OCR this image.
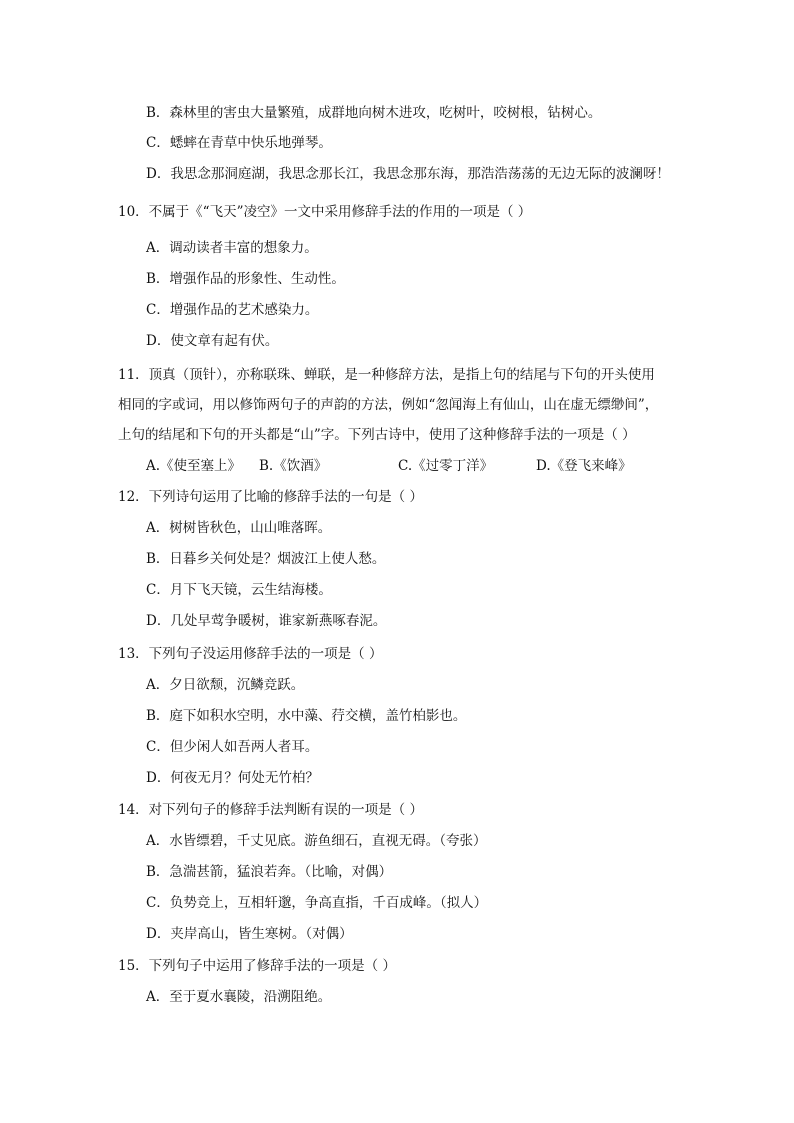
B．森林里的害虫大量繁殖，成群地向树木进攻，吃树叶，咬树根，钻树心。
C．蟋蟀在青草中快乐地弹琴。
D．我思念那洞庭湖，我思念那长江，我思念那东海，那浩浩荡荡的无边无际的波澜呀！
10．不属于《“飞天”凌空》一文中采用修辞手法的作用的一项是（ ）
A．调动读者丰富的想象力。
B．增强作品的形象性、生动性。
C．增强作品的艺术感染力。
D．使文章有起有伏。
11．顶真（顶针），亦称联珠、蝉联，是一种修辞方法，是指上句的结尾与下句的开头使用
相同的字或词，用以修饰两句子的声韵的方法，例如“忽闻海上有仙山，山在虚无缥缈间”，
上句的结尾和下句的开头都是“山”字。下列古诗中，使用了这种修辞手法的一项是（ ）
A.《使至塞上》 B.《饮酒》	C.《过零丁洋》	D.《登飞来峰》
12．下列诗句运用了比喻的修辞手法的一句是（ ）
A．树树皆秋色，山山唯落晖。
B．日暮乡关何处是？烟波江上使人愁。
C．月下飞天镜，云生结海楼。
D．几处早莺争暖树，谁家新燕啄春泥。
13．下列句子没运用修辞手法的一项是（ ）
A．夕日欲颓，沉鳞竞跃。
B．庭下如积水空明，水中藻、荇交横，盖竹柏影也。
C．但少闲人如吾两人者耳。
D．何夜无月？何处无竹柏？
14．对下列句子的修辞手法判断有误的一项是（ ）
A．水皆缥碧，千丈见底。游鱼细石，直视无碍。（夸张）
B．急湍甚箭，猛浪若奔。（比喻，对偶）
C．负势竞上，互相轩邈，争高直指，千百成峰。（拟人）
D．夹岸高山，皆生寒树。（对偶）
15．下列句子中运用了修辞手法的一项是（ ）
A．至于夏水襄陵，沿溯阻绝。
